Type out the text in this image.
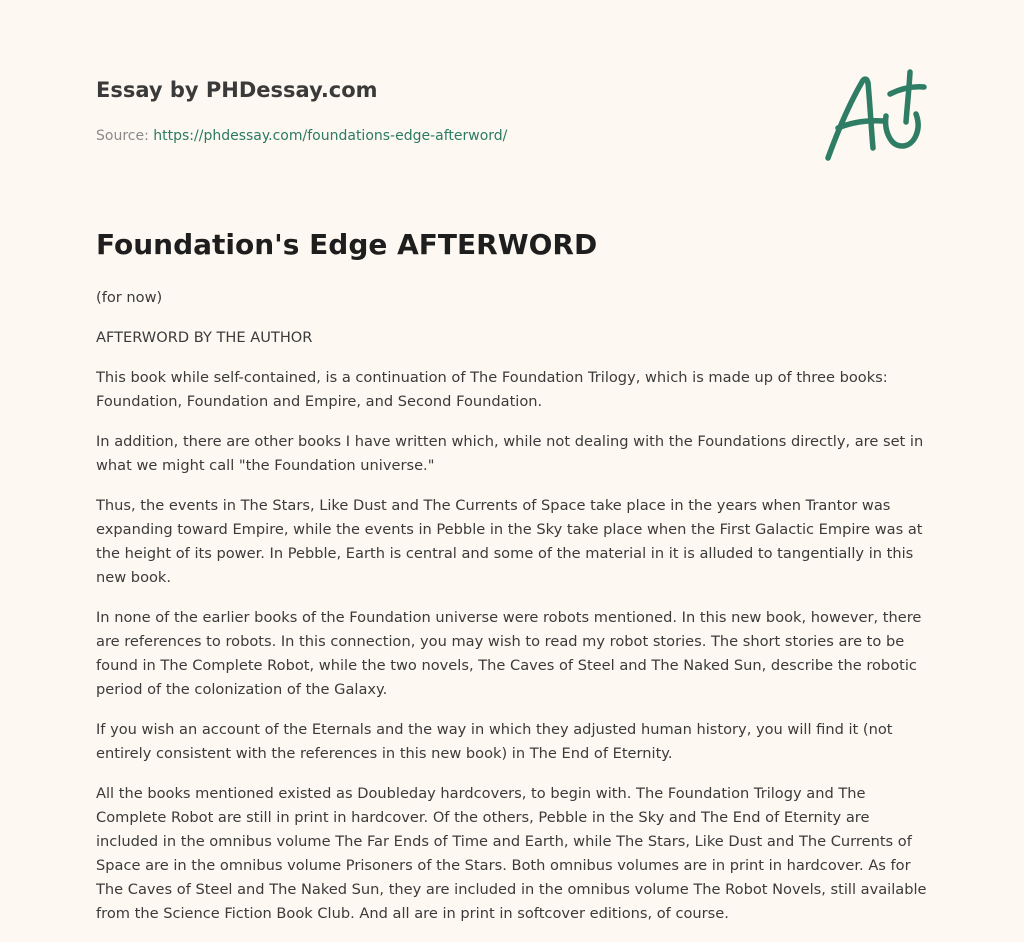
Essay by PHDessay.com
Source: https://phdessay.com/foundations-edge-afterword/
Foundation's Edge AFTERWORD

(for now)

AFTERWORD BY THE AUTHOR

This book while self-contained, is a continuation of The Foundation Trilogy, which is made up of three books: Foundation, Foundation and Empire, and Second Foundation.

In addition, there are other books I have written which, while not dealing with the Foundations directly, are set in what we might call "the Foundation universe."

Thus, the events in The Stars, Like Dust and The Currents of Space take place in the years when Trantor was expanding toward Empire, while the events in Pebble in the Sky take place when the First Galactic Empire was at the height of its power. In Pebble, Earth is central and some of the material in it is alluded to tangentially in this new book.

In none of the earlier books of the Foundation universe were robots mentioned. In this new book, however, there are references to robots. In this connection, you may wish to read my robot stories. The short stories are to be found in The Complete Robot, while the two novels, The Caves of Steel and The Naked Sun, describe the robotic period of the colonization of the Galaxy.

If you wish an account of the Eternals and the way in which they adjusted human history, you will find it (not entirely consistent with the references in this new book) in The End of Eternity.

All the books mentioned existed as Doubleday hardcovers, to begin with. The Foundation Trilogy and The Complete Robot are still in print in hardcover. Of the others, Pebble in the Sky and The End of Eternity are included in the omnibus volume The Far Ends of Time and Earth, while The Stars, Like Dust and The Currents of Space are in the omnibus volume Prisoners of the Stars. Both omnibus volumes are in print in hardcover. As for The Caves of Steel and The Naked Sun, they are included in the omnibus volume The Robot Novels, still available from the Science Fiction Book Club. And all are in print in softcover editions, of course.
